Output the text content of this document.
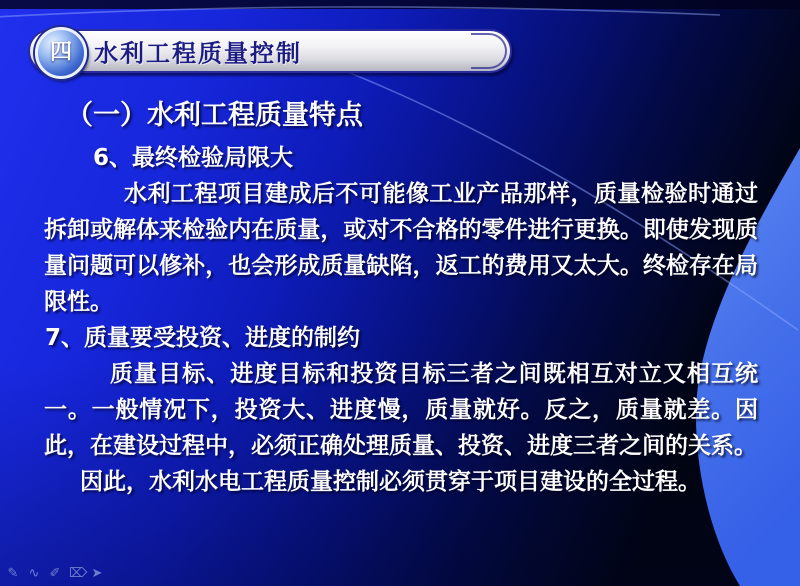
四 水利工程质量控制
（一）水利工程质量特点
6、最终检验局限大

水利工程项目建成后不可能像工业产品那样，质量检验时通过拆卸或解体来检验内在质量，或对不合格的零件进行更换。即使发现质量问题可以修补，也会形成质量缺陷，返工的费用又太大。终检存在局限性。

7、质量要受投资、进度的制约

质量目标、进度目标和投资目标三者之间既相互对立又相互统一。一般情况下，投资大、进度慢，质量就好。反之，质量就差。因此，在建设过程中，必须正确处理质量、投资、进度三者之间的关系。

因此，水利水电工程质量控制必须贯穿于项目建设的全过程。

✎ ∿ ✐ ⌦ ➤
